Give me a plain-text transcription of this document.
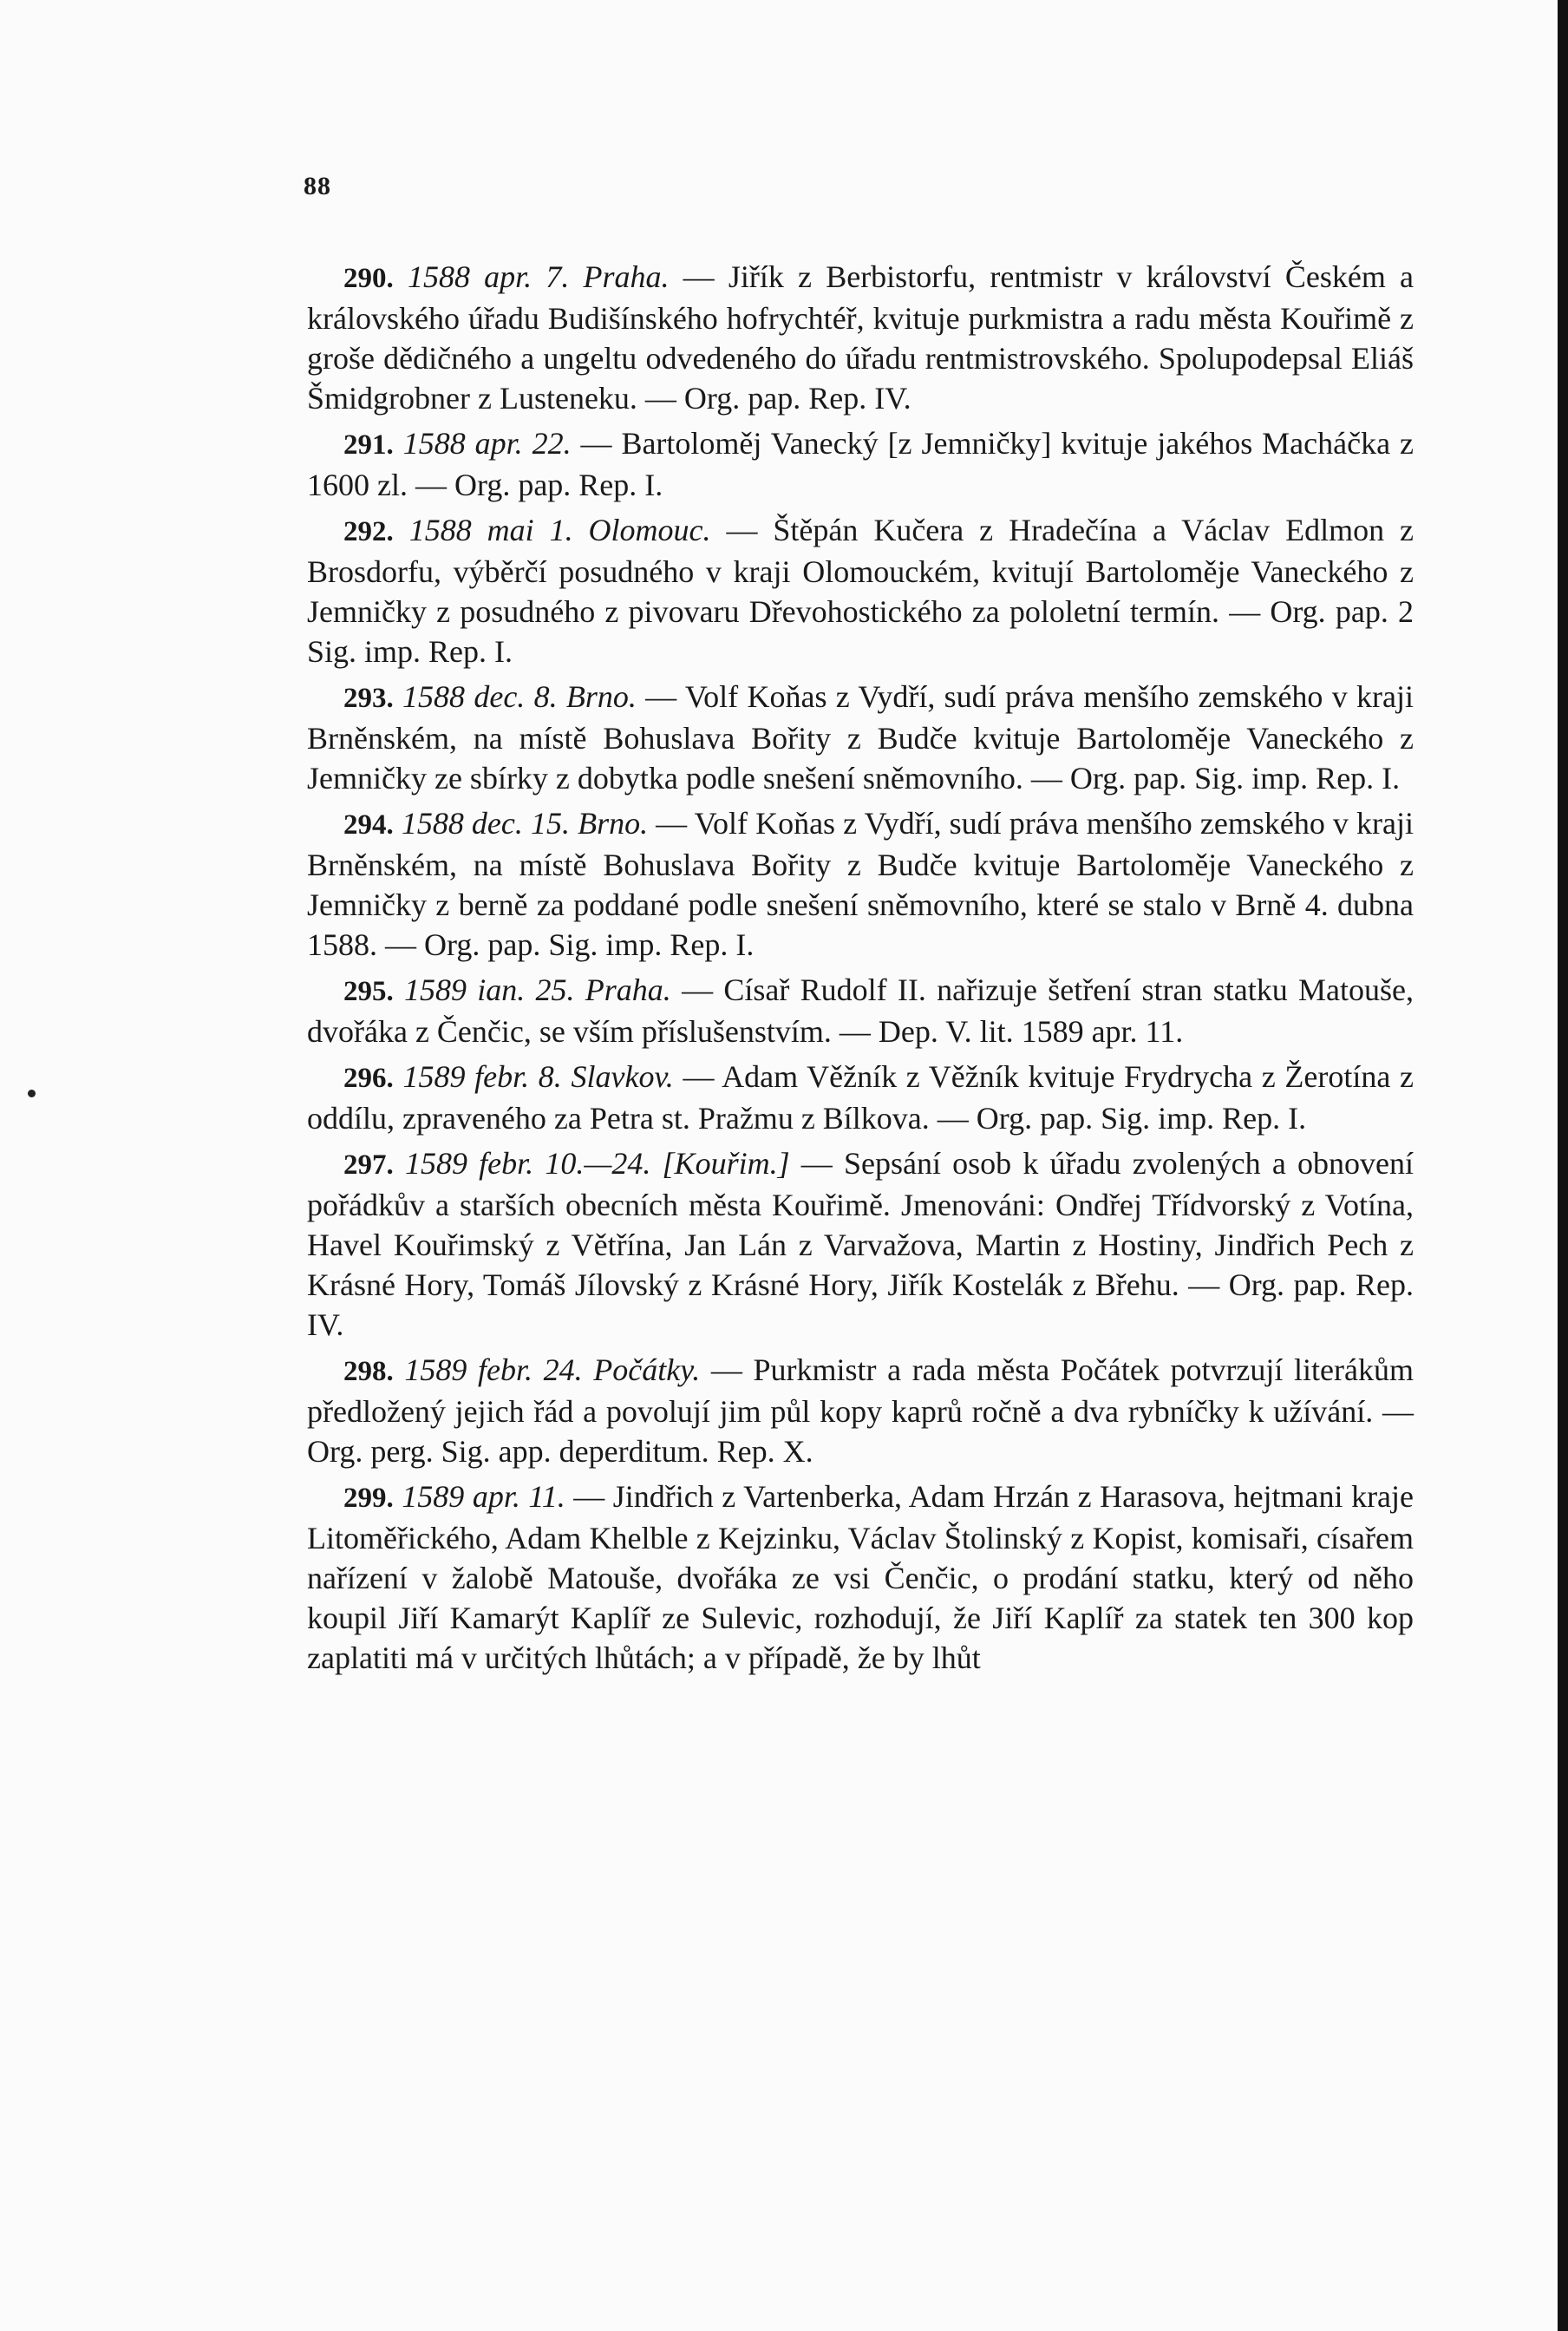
88

290. 1588 apr. 7. Praha. — Jiřík z Berbistorfu, rentmistr v království Českém a královského úřadu Budišínského hofrychtéř, kvituje purkmistra a radu města Kouřimě z groše dědičného a ungeltu odvedeného do úřadu rentmistrovského. Spolupodepsal Eliáš Šmidgrobner z Lusteneku. — Org. pap. Rep. IV.

291. 1588 apr. 22. — Bartoloměj Vanecký [z Jemničky] kvituje jakéhos Macháčka z 1600 zl. — Org. pap. Rep. I.

292. 1588 mai 1. Olomouc. — Štěpán Kučera z Hradečína a Václav Edlmon z Brosdorfu, výběrčí posudného v kraji Olomouckém, kvitují Bartoloměje Vaneckého z Jemničky z posudného z pivovaru Dřevohostického za pololetní termín. — Org. pap. 2 Sig. imp. Rep. I.

293. 1588 dec. 8. Brno. — Volf Koňas z Vydří, sudí práva menšího zemského v kraji Brněnském, na místě Bohuslava Bořity z Budče kvituje Bartoloměje Vaneckého z Jemničky ze sbírky z dobytka podle snešení sněmovního. — Org. pap. Sig. imp. Rep. I.

294. 1588 dec. 15. Brno. — Volf Koňas z Vydří, sudí práva menšího zemského v kraji Brněnském, na místě Bohuslava Bořity z Budče kvituje Bartoloměje Vaneckého z Jemničky z berně za poddané podle snešení sněmovního, které se stalo v Brně 4. dubna 1588. — Org. pap. Sig. imp. Rep. I.

295. 1589 ian. 25. Praha. — Císař Rudolf II. nařizuje šetření stran statku Matouše, dvořáka z Čenčic, se vším příslušenstvím. — Dep. V. lit. 1589 apr. 11.

296. 1589 febr. 8. Slavkov. — Adam Věžník z Věžník kvituje Frydrycha z Žerotína z oddílu, zpraveného za Petra st. Pražmu z Bílkova. — Org. pap. Sig. imp. Rep. I.

297. 1589 febr. 10.—24. [Kouřim.] — Sepsání osob k úřadu zvolených a obnovení pořádkův a starších obecních města Kouřimě. Jmenováni: Ondřej Třídvorský z Votína, Havel Kouřimský z Větřína, Jan Lán z Varvažova, Martin z Hostiny, Jindřich Pech z Krásné Hory, Tomáš Jílovský z Krásné Hory, Jiřík Kostelák z Břehu. — Org. pap. Rep. IV.

298. 1589 febr. 24. Počátky. — Purkmistr a rada města Počátek potvrzují literákům předložený jejich řád a povolují jim půl kopy kaprů ročně a dva rybníčky k užívání. — Org. perg. Sig. app. deperditum. Rep. X.

299. 1589 apr. 11. — Jindřich z Vartenberka, Adam Hrzán z Harasova, hejtmani kraje Litoměřického, Adam Khelble z Kejzinku, Václav Štolinský z Kopist, komisaři, císařem nařízení v žalobě Matouše, dvořáka ze vsi Čenčic, o prodání statku, který od něho koupil Jiří Kamarýt Kaplíř ze Sulevic, rozhodují, že Jiří Kaplíř za statek ten 300 kop zaplatiti má v určitých lhůtách; a v případě, že by lhůt
